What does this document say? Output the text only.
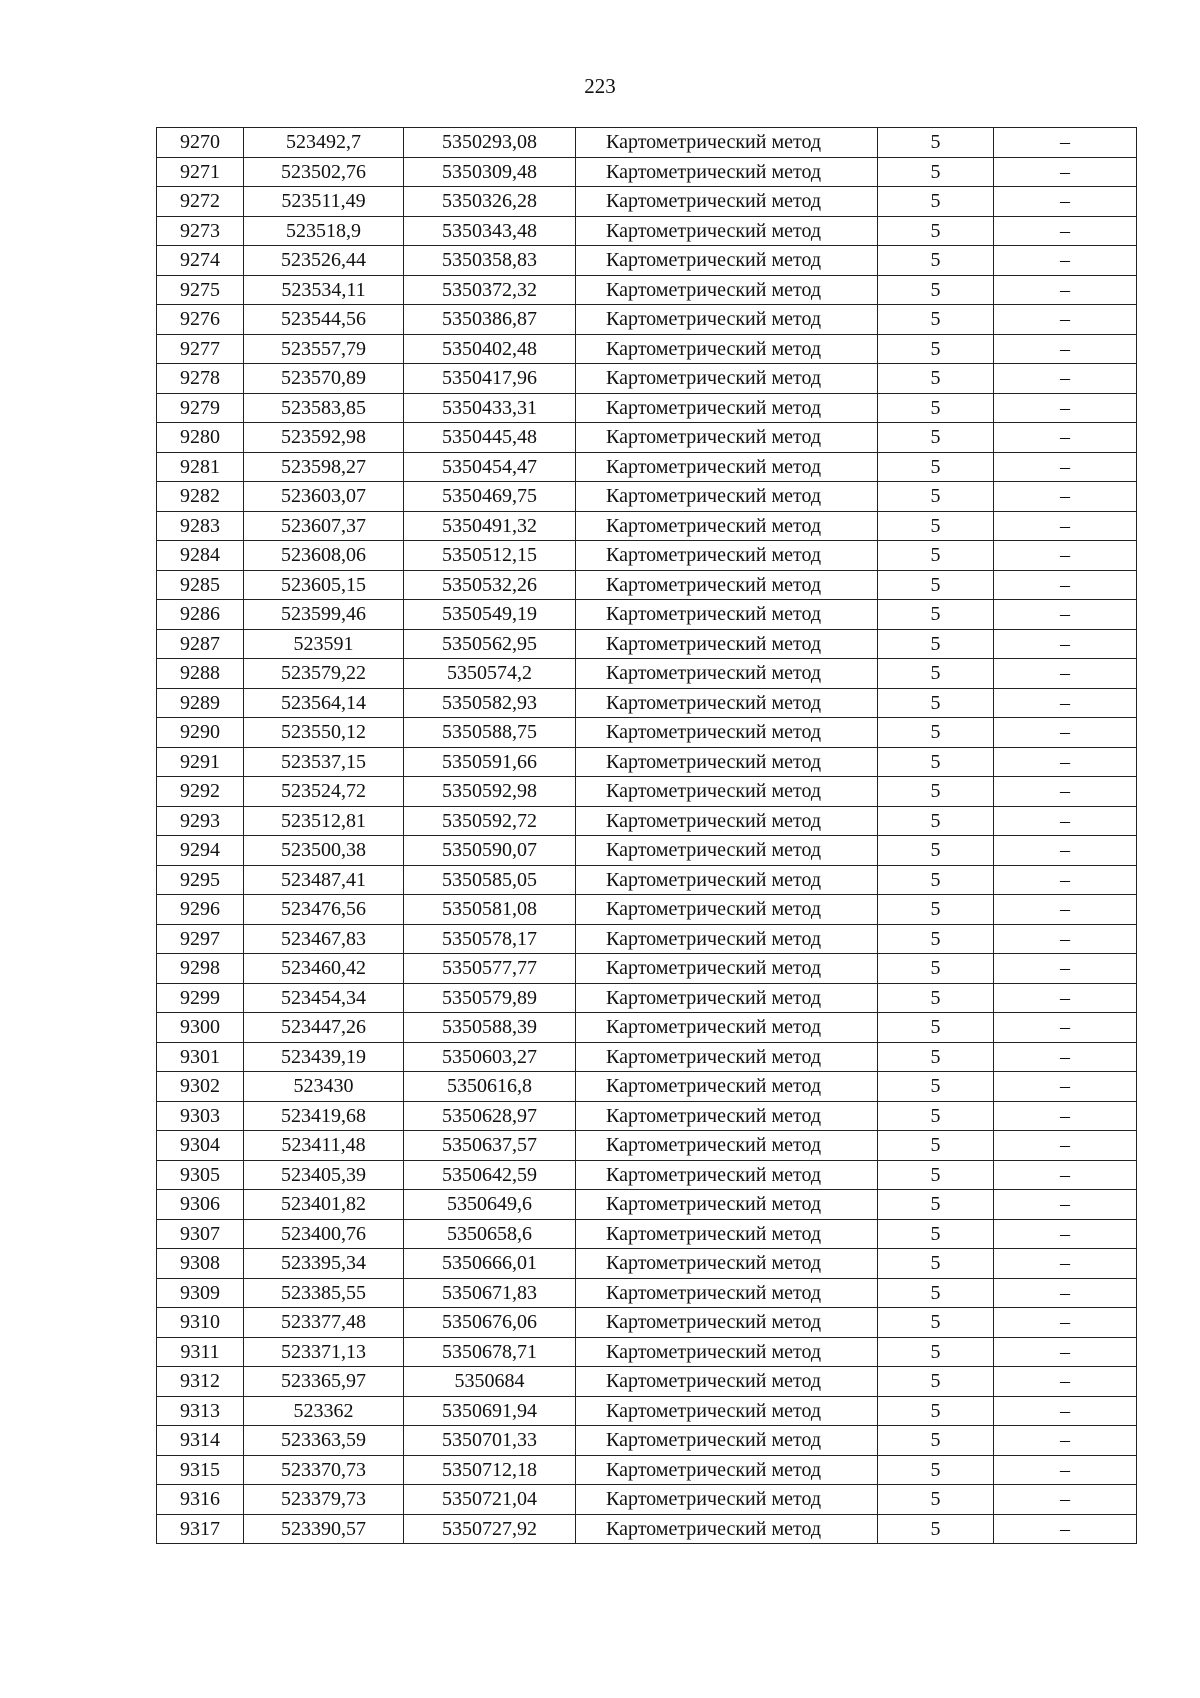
223
9270	523492,7	5350293,08	Картометрический метод	5	–
9271	523502,76	5350309,48	Картометрический метод	5	–
9272	523511,49	5350326,28	Картометрический метод	5	–
9273	523518,9	5350343,48	Картометрический метод	5	–
9274	523526,44	5350358,83	Картометрический метод	5	–
9275	523534,11	5350372,32	Картометрический метод	5	–
9276	523544,56	5350386,87	Картометрический метод	5	–
9277	523557,79	5350402,48	Картометрический метод	5	–
9278	523570,89	5350417,96	Картометрический метод	5	–
9279	523583,85	5350433,31	Картометрический метод	5	–
9280	523592,98	5350445,48	Картометрический метод	5	–
9281	523598,27	5350454,47	Картометрический метод	5	–
9282	523603,07	5350469,75	Картометрический метод	5	–
9283	523607,37	5350491,32	Картометрический метод	5	–
9284	523608,06	5350512,15	Картометрический метод	5	–
9285	523605,15	5350532,26	Картометрический метод	5	–
9286	523599,46	5350549,19	Картометрический метод	5	–
9287	523591	5350562,95	Картометрический метод	5	–
9288	523579,22	5350574,2	Картометрический метод	5	–
9289	523564,14	5350582,93	Картометрический метод	5	–
9290	523550,12	5350588,75	Картометрический метод	5	–
9291	523537,15	5350591,66	Картометрический метод	5	–
9292	523524,72	5350592,98	Картометрический метод	5	–
9293	523512,81	5350592,72	Картометрический метод	5	–
9294	523500,38	5350590,07	Картометрический метод	5	–
9295	523487,41	5350585,05	Картометрический метод	5	–
9296	523476,56	5350581,08	Картометрический метод	5	–
9297	523467,83	5350578,17	Картометрический метод	5	–
9298	523460,42	5350577,77	Картометрический метод	5	–
9299	523454,34	5350579,89	Картометрический метод	5	–
9300	523447,26	5350588,39	Картометрический метод	5	–
9301	523439,19	5350603,27	Картометрический метод	5	–
9302	523430	5350616,8	Картометрический метод	5	–
9303	523419,68	5350628,97	Картометрический метод	5	–
9304	523411,48	5350637,57	Картометрический метод	5	–
9305	523405,39	5350642,59	Картометрический метод	5	–
9306	523401,82	5350649,6	Картометрический метод	5	–
9307	523400,76	5350658,6	Картометрический метод	5	–
9308	523395,34	5350666,01	Картометрический метод	5	–
9309	523385,55	5350671,83	Картометрический метод	5	–
9310	523377,48	5350676,06	Картометрический метод	5	–
9311	523371,13	5350678,71	Картометрический метод	5	–
9312	523365,97	5350684	Картометрический метод	5	–
9313	523362	5350691,94	Картометрический метод	5	–
9314	523363,59	5350701,33	Картометрический метод	5	–
9315	523370,73	5350712,18	Картометрический метод	5	–
9316	523379,73	5350721,04	Картометрический метод	5	–
9317	523390,57	5350727,92	Картометрический метод	5	–
